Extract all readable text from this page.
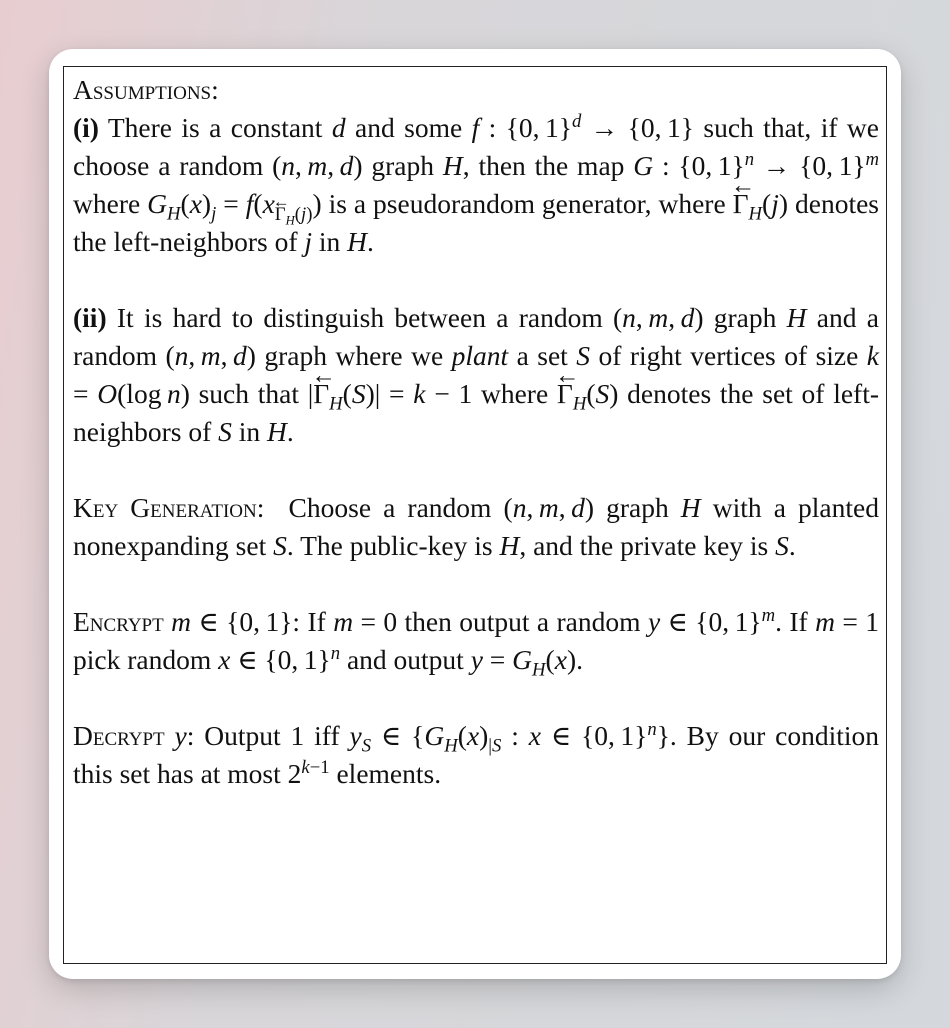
Assumptions:

(i) There is a constant d and some f : {0, 1}$^d$ → {0, 1} such that, if we choose a random (n, m, d) graph H, then the map G : {0, 1}$^n$ → {0, 1}$^m$ where $G_H(x)_j = f(x_{\Gamma_H(j)})$ is a pseudorandom generator, where ← $\Gamma_H(j)$ denotes the left-neighbors of j in H.

(ii) It is hard to distinguish between a random (n, m, d) graph H and a random (n, m, d) graph where we plant a set S of right vertices of size k = O(log n) such that |← $\Gamma_H(S)| = k - 1$ where ← $\Gamma_H(S)$ denotes the set of left-neighbors of S in H.

Key Generation:  Choose a random (n, m, d) graph H with a planted nonexpanding set S. The public-key is H, and the private key is S.

Encrypt m ∈ {0, 1}: If m = 0 then output a random y ∈ {0, 1}$^m$. If m = 1 pick random x ∈ {0, 1}$^n$ and output $y = G_H(x)$.

Decrypt y: Output 1 iff $y_S$ ∈ {$G_H(x)_{|S}$ : x ∈ {0, 1}$^n$}. By our condition this set has at most $2^{k-1}$ elements.
